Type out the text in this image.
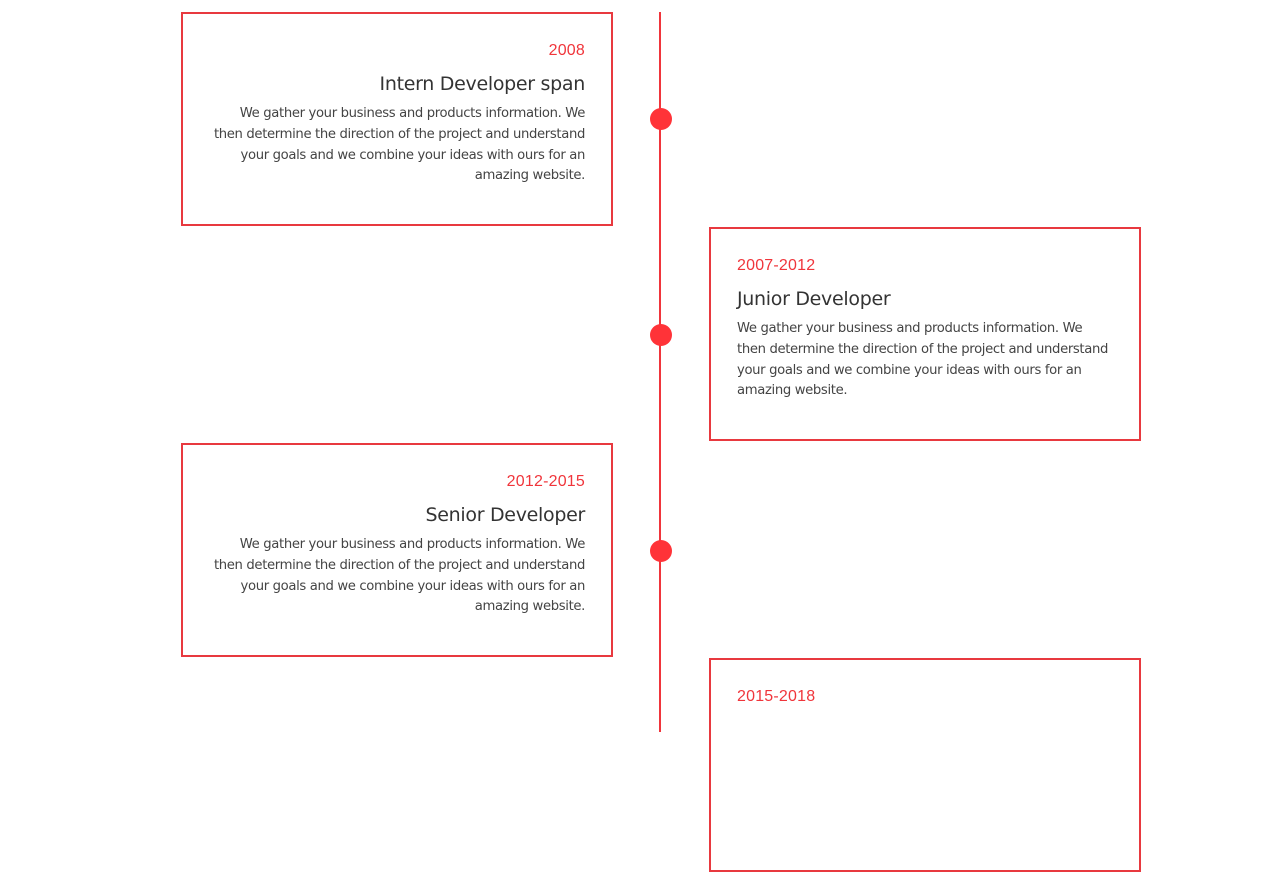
2008

Intern Developer span

We gather your business and products information. We then determine the direction of the project and understand your goals and we combine your ideas with ours for an amazing website.

2007-2012

Junior Developer

We gather your business and products information. We then determine the direction of the project and understand your goals and we combine your ideas with ours for an amazing website.

2012-2015

Senior Developer

We gather your business and products information. We then determine the direction of the project and understand your goals and we combine your ideas with ours for an amazing website.

2015-2018
